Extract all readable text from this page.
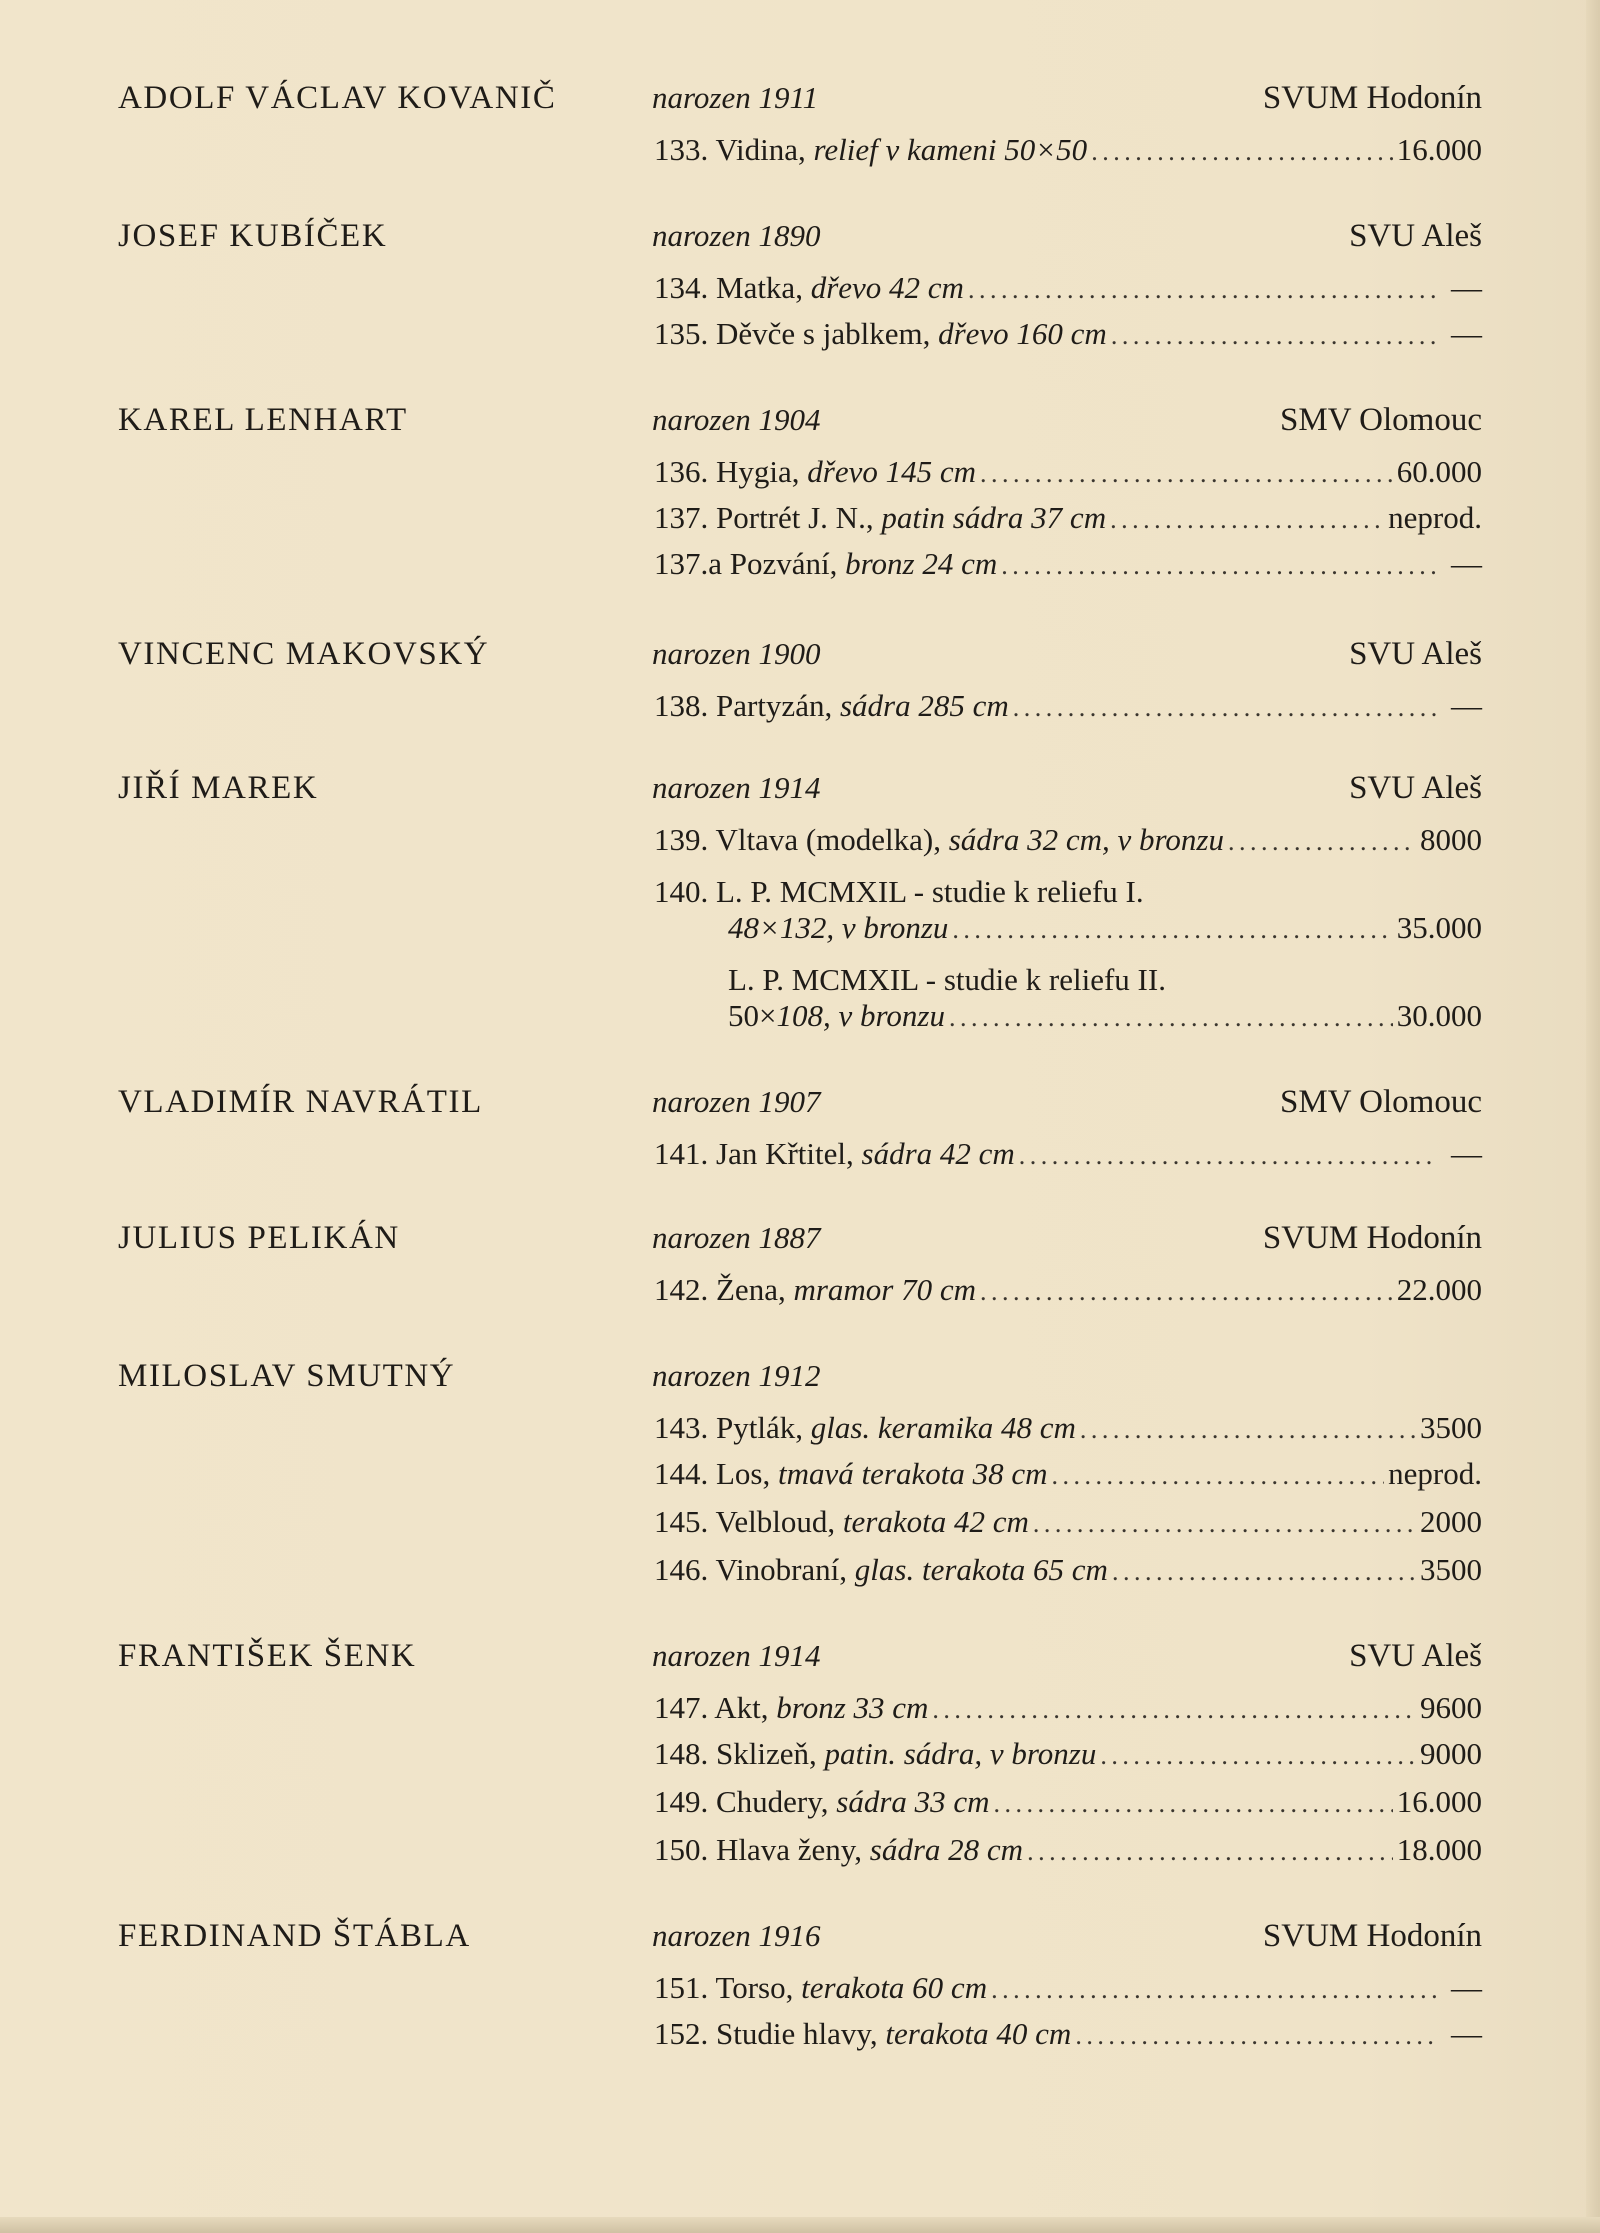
ADOLF VÁCLAV KOVANIČ	narozen 1911	SVUM Hodonín
133. Vidina, relief v kameni 50×50 . . .	16.000
JOSEF KUBÍČEK	narozen 1890	SVU Aleš
134. Matka, dřevo 42 cm . . .	—
135. Děvče s jablkem, dřevo 160 cm . . .	—
KAREL LENHART	narozen 1904	SMV Olomouc
136. Hygia, dřevo 145 cm . . .	60.000
137. Portrét J. N., patin sádra 37 cm . . .	neprod.
137.a Pozvání, bronz 24 cm . . .	—
VINCENC MAKOVSKÝ	narozen 1900	SVU Aleš
138. Partyzán, sádra 285 cm . . .	—
JIŘÍ MAREK	narozen 1914	SVU Aleš
139. Vltava (modelka), sádra 32 cm, v bronzu . . .	8000
140. L. P. MCMXIL - studie k reliefu I.
48×132, v bronzu . . .	35.000
L. P. MCMXIL - studie k reliefu II.
50×108, v bronzu . . .	30.000
VLADIMÍR NAVRÁTIL	narozen 1907	SMV Olomouc
141. Jan Křtitel, sádra 42 cm . . .	—
JULIUS PELIKÁN	narozen 1887	SVUM Hodonín
142. Žena, mramor 70 cm . . .	22.000
MILOSLAV SMUTNÝ	narozen 1912
143. Pytlák, glas. keramika 48 cm . . .	3500
144. Los, tmavá terakota 38 cm . . .	neprod.
145. Velbloud, terakota 42 cm . . .	2000
146. Vinobraní, glas. terakota 65 cm . . .	3500
FRANTIŠEK ŠENK	narozen 1914	SVU Aleš
147. Akt, bronz 33 cm . . .	9600
148. Sklizeň, patin. sádra, v bronzu . . .	9000
149. Chudery, sádra 33 cm . . .	16.000
150. Hlava ženy, sádra 28 cm . . .	18.000
FERDINAND ŠTÁBLA	narozen 1916	SVUM Hodonín
151. Torso, terakota 60 cm . . .	—
152. Studie hlavy, terakota 40 cm . . .	—
